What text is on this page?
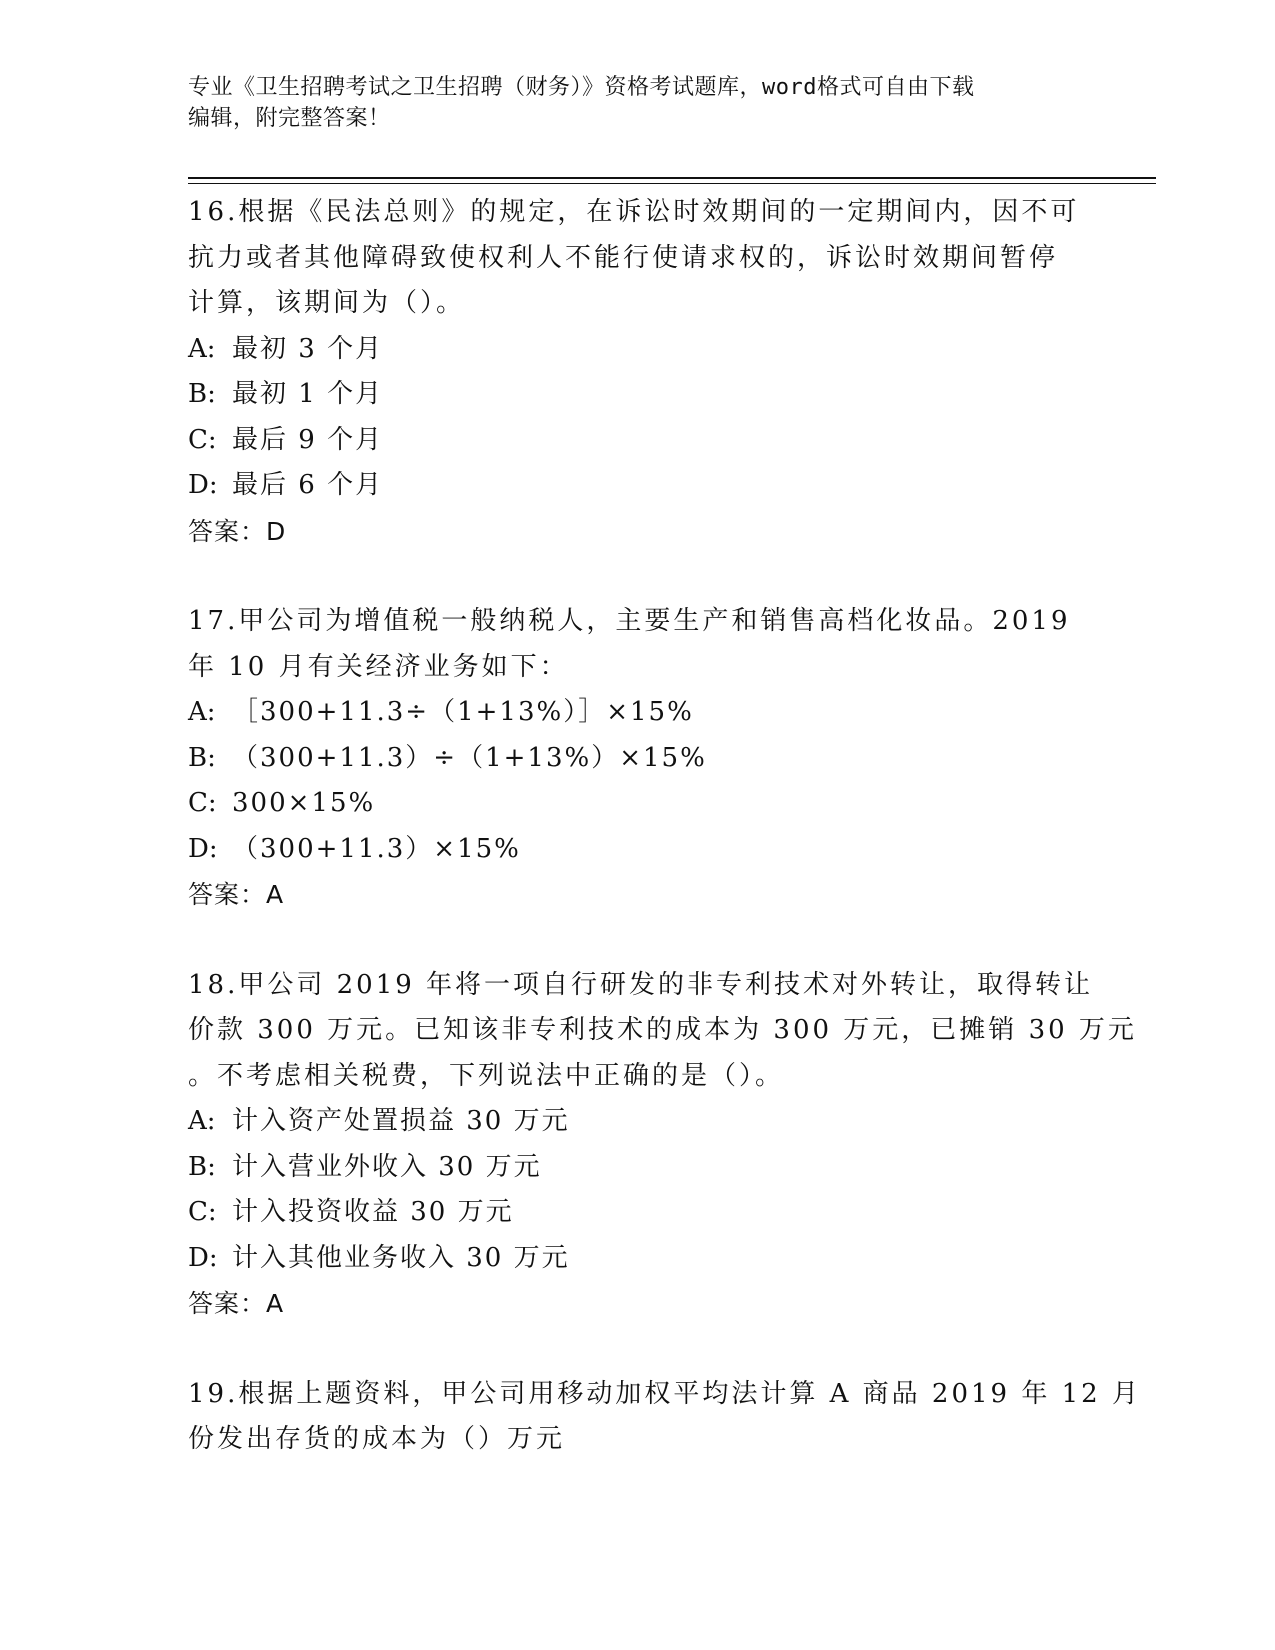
专业《卫生招聘考试之卫生招聘（财务）》资格考试题库，word格式可自由下载
编辑，附完整答案！
16.根据《民法总则》的规定，在诉讼时效期间的一定期间内，因不可
抗力或者其他障碍致使权利人不能行使请求权的，诉讼时效期间暂停
计算，该期间为（）。
A: 最初 3 个月
B: 最初 1 个月
C: 最后 9 个月
D: 最后 6 个月
答案：D
17.甲公司为增值税一般纳税人，主要生产和销售高档化妆品。2019
年 10 月有关经济业务如下：
A: ［300+11.3÷（1+13%）］×15%
B: （300+11.3）÷（1+13%）×15%
C: 300×15%
D: （300+11.3）×15%
答案：A
18.甲公司 2019 年将一项自行研发的非专利技术对外转让，取得转让
价款 300 万元。已知该非专利技术的成本为 300 万元，已摊销 30 万元
。不考虑相关税费，下列说法中正确的是（）。
A: 计入资产处置损益 30 万元
B: 计入营业外收入 30 万元
C: 计入投资收益 30 万元
D: 计入其他业务收入 30 万元
答案：A
19.根据上题资料，甲公司用移动加权平均法计算 A 商品 2019 年 12 月
份发出存货的成本为（）万元
